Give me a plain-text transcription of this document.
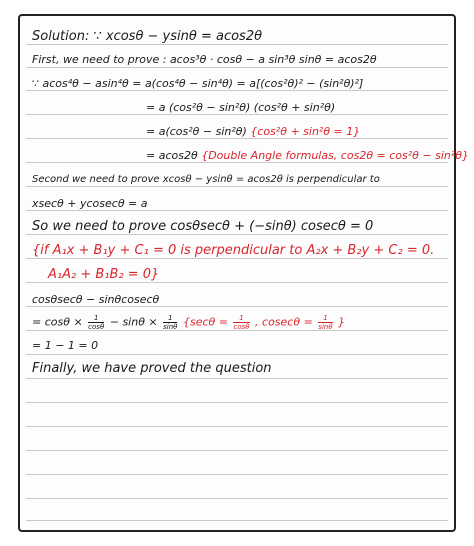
Solution: ∵ xcosθ − ysinθ = acos2θ
First, we need to prove : acos³θ · cosθ − a sin³θ sinθ = acos2θ
∵ acos⁴θ − asin⁴θ = a(cos⁴θ − sin⁴θ) = a[(cos²θ)² − (sin²θ)²]
= a (cos²θ − sin²θ) (cos²θ + sin²θ)
= a(cos²θ − sin²θ) {cos²θ + sin²θ = 1}
= acos2θ {Double Angle formulas, cos2θ = cos²θ − sin²θ}
Second we need to prove xcosθ − ysinθ = acos2θ is perpendicular to
xsecθ + ycosecθ = a
So we need to prove cosθsecθ + (−sinθ) cosecθ = 0
{if A₁x + B₁y + C₁ = 0 is perpendicular to A₂x + B₂y + C₂ = 0.
A₁A₂ + B₁B₂ = 0}
cosθsecθ − sinθcosecθ
= $\cos\theta \times \frac{1}{\cos\theta} - \sin\theta \times \frac{1}{\sin\theta} \{\sec\theta = \frac{1}{\cos\theta}$ , $cosec\theta = \frac{1}{\sin\theta}$ }
= 1 − 1 = 0
Finally, we have proved the question
